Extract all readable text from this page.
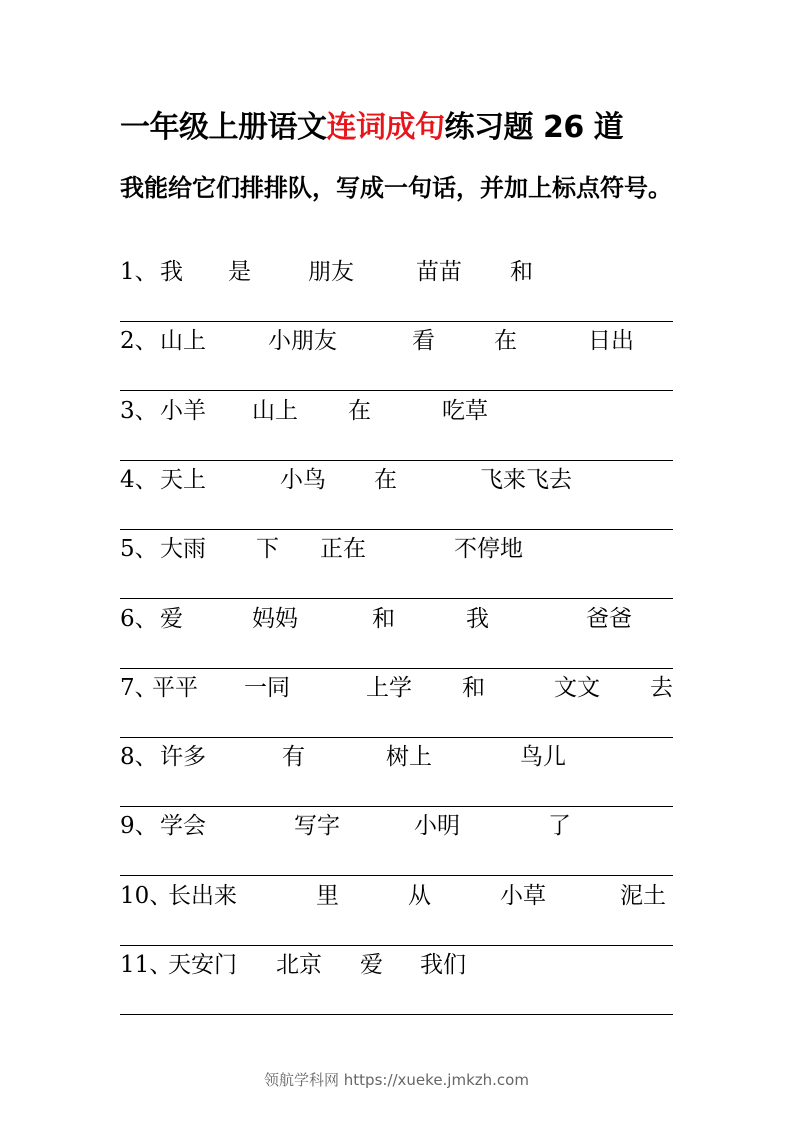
一年级上册语文连词成句练习题 26 道
我能给它们排排队，写成一句话，并加上标点符号。
1、 我 是 朋友	苗苗 和
2、 山上	小朋友	看	在	日出
3、 小羊 山上 在	吃草
4、 天上	小鸟 在	飞来飞去
5、 大雨 下 正在	不停地
6、 爱	妈妈	和	我	爸爸
7、
平平 一同	上学 和	文文 去
8、 许多	有	树上	鸟儿
9、 学会	写字	小明	了
10、
长出来	里	从	小草	泥土
11、
天安门 北京 爱 我们
领航学科网 https://xueke.jmkzh.com
